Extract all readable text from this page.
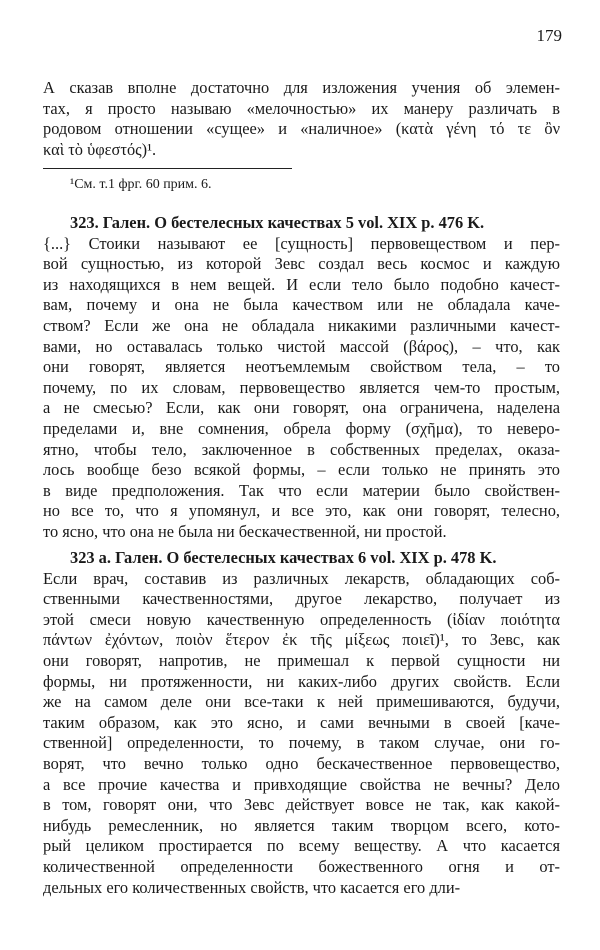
179
А сказав вполне достаточно для изложения учения об элемен-
тах, я просто называю «мелочностью» их манеру различать в
родовом отношении «сущее» и «наличное» (κατὰ γένη τό τε ὂν
καὶ τὸ ὑφεστός)¹.
¹См. т.1 фрг. 60 прим. 6.
323. Гален. О бестелесных качествах 5 vol. XIX p. 476 K.
{...} Стоики называют ее [сущность] первовеществом и пер-
вой сущностью, из которой Зевс создал весь космос и каждую
из находящихся в нем вещей. И если тело было подобно качест-
вам, почему и она не была качеством или не обладала каче-
ством? Если же она не обладала никакими различными качест-
вами, но оставалась только чистой массой (βάρος), – что, как
они говорят, является неотъемлемым свойством тела, – то
почему, по их словам, первовещество является чем-то простым,
а не смесью? Если, как они говорят, она ограничена, наделена
пределами и, вне сомнения, обрела форму (σχῆμα), то неверо-
ятно, чтобы тело, заключенное в собственных пределах, оказа-
лось вообще безо всякой формы, – если только не принять это
в виде предположения. Так что если материи было свойствен-
но все то, что я упомянул, и все это, как они говорят, телесно,
то ясно, что она не была ни бескачественной, ни простой.
323 a. Гален. О бестелесных качествах 6 vol. XIX p. 478 K.
Если врач, составив из различных лекарств, обладающих соб-
ственными качественностями, другое лекарство, получает из
этой смеси новую качественную определенность (ἰδίαν ποιότητα
πάντων ἐχόντων, ποιὸν ἕτερον ἐκ τῆς μίξεως ποιεῖ)¹, то Зевс, как
они говорят, напротив, не примешал к первой сущности ни
формы, ни протяженности, ни каких-либо других свойств. Если
же на самом деле они все-таки к ней примешиваются, будучи,
таким образом, как это ясно, и сами вечными в своей [каче-
ственной] определенности, то почему, в таком случае, они го-
ворят, что вечно только одно бескачественное первовещество,
а все прочие качества и привходящие свойства не вечны? Дело
в том, говорят они, что Зевс действует вовсе не так, как какой-
нибудь ремесленник, но является таким творцом всего, кото-
рый целиком простирается по всему веществу. А что касается
количественной определенности божественного огня и от-
дельных его количественных свойств, что касается его дли-
